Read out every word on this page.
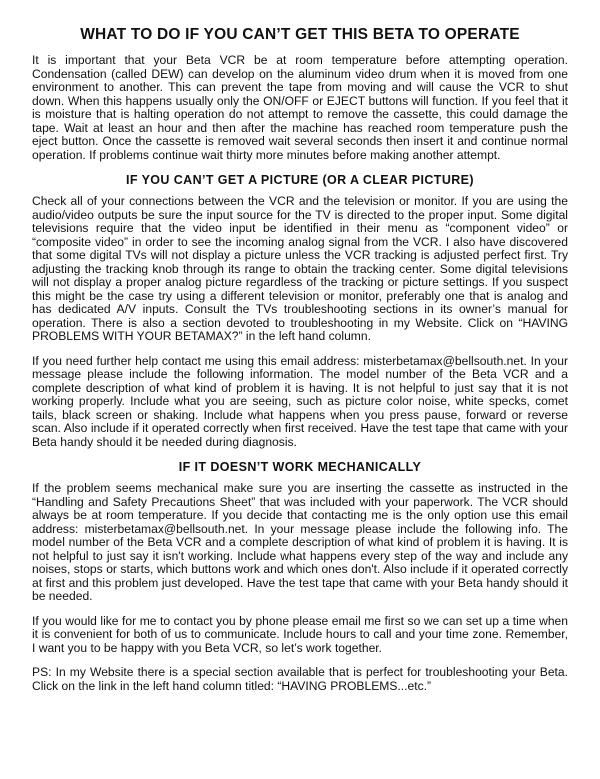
WHAT TO DO IF YOU CAN’T GET THIS BETA TO OPERATE

It is important that your Beta VCR be at room temperature before attempting operation. Condensation (called DEW) can develop on the aluminum video drum when it is moved from one environment to another. This can prevent the tape from moving and will cause the VCR to shut down. When this happens usually only the ON/OFF or EJECT buttons will function. If you feel that it is moisture that is halting operation do not attempt to remove the cassette, this could damage the tape. Wait at least an hour and then after the machine has reached room temperature push the eject button. Once the cassette is removed wait several seconds then insert it and continue normal operation. If problems continue wait thirty more minutes before making another attempt.

IF YOU CAN’T GET A PICTURE (OR A CLEAR PICTURE)

Check all of your connections between the VCR and the television or monitor. If you are using the audio/video outputs be sure the input source for the TV is directed to the proper input. Some digital televisions require that the video input be identified in their menu as “component video” or “composite video” in order to see the incoming analog signal from the VCR. I also have discovered that some digital TVs will not display a picture unless the VCR tracking is adjusted perfect first. Try adjusting the tracking knob through its range to obtain the tracking center. Some digital televisions will not display a proper analog picture regardless of the tracking or picture settings. If you suspect this might be the case try using a different television or monitor, preferably one that is analog and has dedicated A/V inputs. Consult the TVs troubleshooting sections in its owner’s manual for operation. There is also a section devoted to troubleshooting in my Website. Click on “HAVING PROBLEMS WITH YOUR BETAMAX?” in the left hand column.

If you need further help contact me using this email address: misterbetamax@bellsouth.net. In your message please include the following information. The model number of the Beta VCR and a complete description of what kind of problem it is having. It is not helpful to just say that it is not working properly. Include what you are seeing, such as picture color noise, white specks, comet tails, black screen or shaking. Include what happens when you press pause, forward or reverse scan. Also include if it operated correctly when first received. Have the test tape that came with your Beta handy should it be needed during diagnosis.

IF IT DOESN’T WORK MECHANICALLY

If the problem seems mechanical make sure you are inserting the cassette as instructed in the “Handling and Safety Precautions Sheet” that was included with your paperwork. The VCR should always be at room temperature. If you decide that contacting me is the only option use this email address: misterbetamax@bellsouth.net. In your message please include the following info. The model number of the Beta VCR and a complete description of what kind of problem it is having. It is not helpful to just say it isn't working. Include what happens every step of the way and include any noises, stops or starts, which buttons work and which ones don't. Also include if it operated correctly at first and this problem just developed. Have the test tape that came with your Beta handy should it be needed.

If you would like for me to contact you by phone please email me first so we can set up a time when it is convenient for both of us to communicate. Include hours to call and your time zone. Remember, I want you to be happy with you Beta VCR, so let’s work together.

PS: In my Website there is a special section available that is perfect for troubleshooting your Beta. Click on the link in the left hand column titled: “HAVING PROBLEMS...etc.”
